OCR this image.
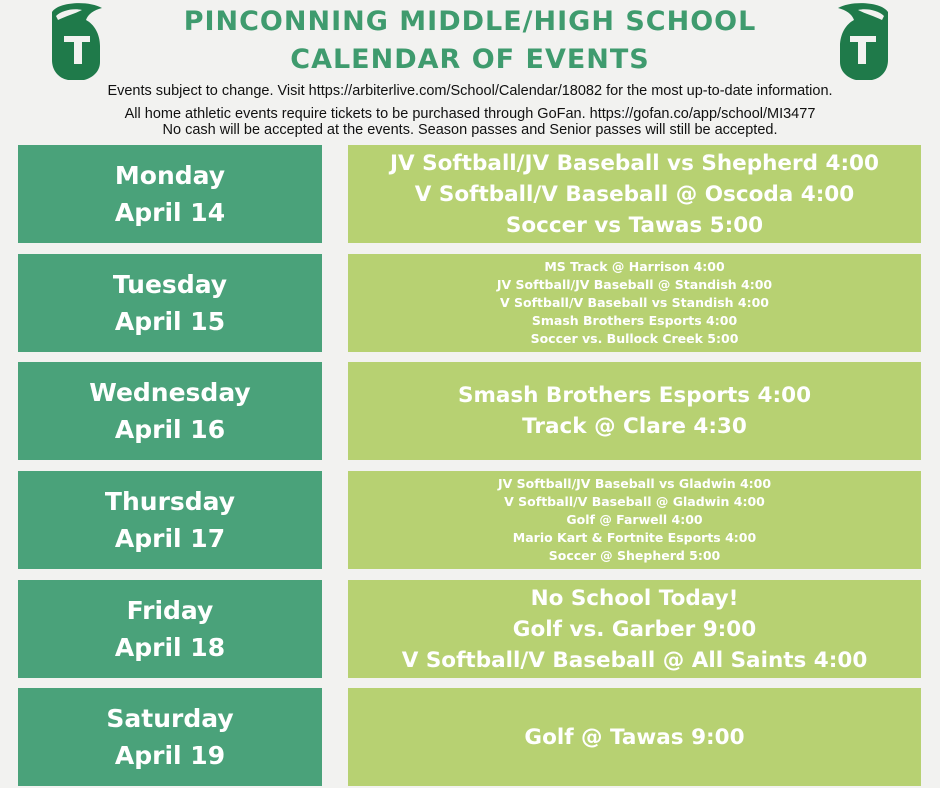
PINCONNING MIDDLE/HIGH SCHOOL
CALENDAR OF EVENTS

Events subject to change. Visit https://arbiterlive.com/School/Calendar/18082 for the most up-to-date information.

All home athletic events require tickets to be purchased through GoFan. https://gofan.co/app/school/MI3477

No cash will be accepted at the events. Season passes and Senior passes will still be accepted.

Monday
April 14
JV Softball/JV Baseball vs Shepherd 4:00
V Softball/V Baseball @ Oscoda 4:00
Soccer vs Tawas 5:00
Tuesday
April 15
MS Track @ Harrison 4:00
JV Softball/JV Baseball @ Standish 4:00
V Softball/V Baseball vs Standish 4:00
Smash Brothers Esports 4:00
Soccer vs. Bullock Creek 5:00
Wednesday
April 16
Smash Brothers Esports 4:00
Track @ Clare 4:30
Thursday
April 17
JV Softball/JV Baseball vs Gladwin 4:00
V Softball/V Baseball @ Gladwin 4:00
Golf @ Farwell 4:00
Mario Kart & Fortnite Esports 4:00
Soccer @ Shepherd 5:00
Friday
April 18
No School Today!
Golf vs. Garber 9:00
V Softball/V Baseball @ All Saints 4:00
Saturday
April 19
Golf @ Tawas 9:00
